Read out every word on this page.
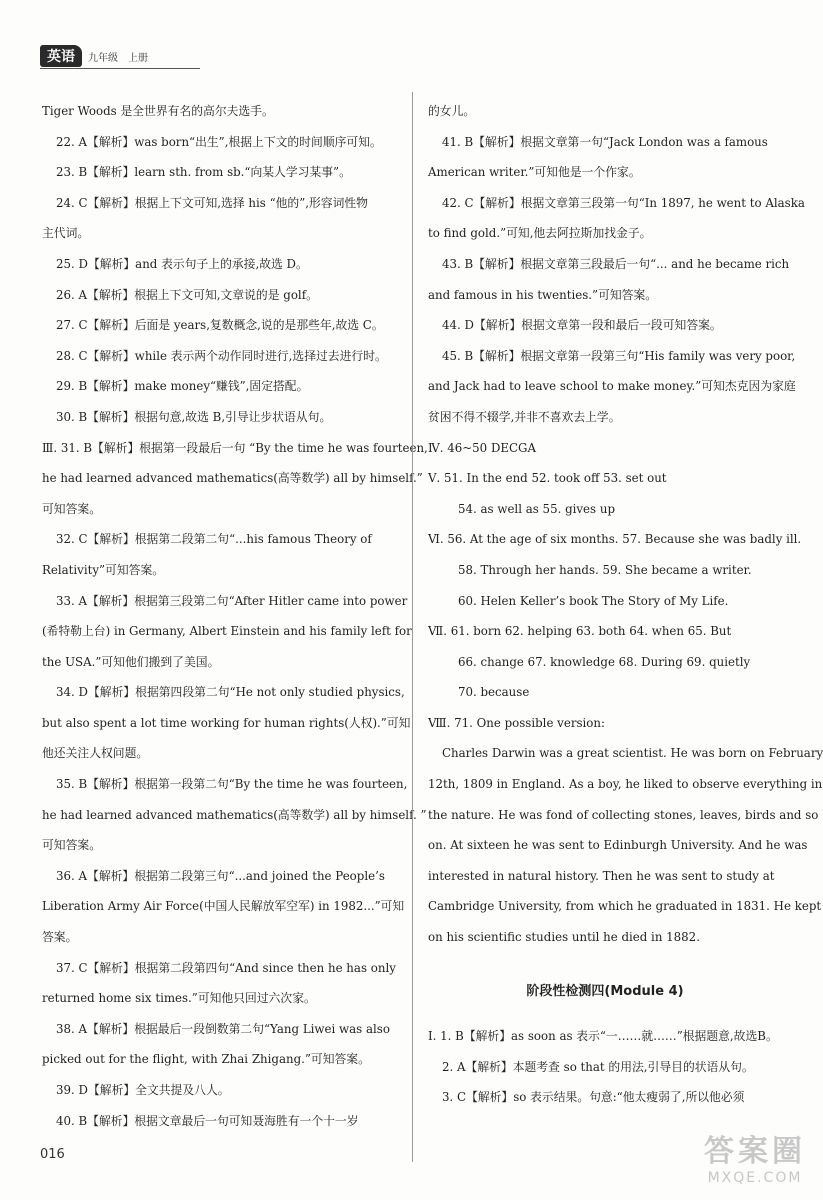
英语	九年级 上册
Tiger Woods 是全世界有名的高尔夫选手。
22. A【解析】was born“出生”,根据上下文的时间顺序可知。
23. B【解析】learn sth. from sb.“向某人学习某事”。
24. C【解析】根据上下文可知,选择 his “他的”,形容词性物
主代词。
25. D【解析】and 表示句子上的承接,故选 D。
26. A【解析】根据上下文可知,文章说的是 golf。
27. C【解析】后面是 years,复数概念,说的是那些年,故选 C。
28. C【解析】while 表示两个动作同时进行,选择过去进行时。
29. B【解析】make money“赚钱”,固定搭配。
30. B【解析】根据句意,故选 B,引导让步状语从句。
Ⅲ. 31. B【解析】根据第一段最后一句 “By the time he was fourteen,
he had learned advanced mathematics(高等数学) all by himself.”
可知答案。
32. C【解析】根据第二段第二句“...his famous Theory of
Relativity”可知答案。
33. A【解析】根据第三段第二句“After Hitler came into power
(希特勒上台) in Germany, Albert Einstein and his family left for
the USA.”可知他们搬到了美国。
34. D【解析】根据第四段第二句“He not only studied physics,
but also spent a lot time working for human rights(人权).”可知
他还关注人权问题。
35. B【解析】根据第一段第二句“By the time he was fourteen,
he had learned advanced mathematics(高等数学) all by himself. ”
可知答案。
36. A【解析】根据第二段第三句“...and joined the People’s
Liberation Army Air Force(中国人民解放军空军) in 1982...”可知
答案。
37. C【解析】根据第二段第四句“And since then he has only
returned home six times.”可知他只回过六次家。
38. A【解析】根据最后一段倒数第二句“Yang Liwei was also
picked out for the flight, with Zhai Zhigang.”可知答案。
39. D【解析】全文共提及八人。
40. B【解析】根据文章最后一句可知聂海胜有一个十一岁
的女儿。
41. B【解析】根据文章第一句“Jack London was a famous
American writer.”可知他是一个作家。
42. C【解析】根据文章第三段第一句“In 1897, he went to Alaska
to find gold.”可知,他去阿拉斯加找金子。
43. B【解析】根据文章第三段最后一句“... and he became rich
and famous in his twenties.”可知答案。
44. D【解析】根据文章第一段和最后一段可知答案。
45. B【解析】根据文章第一段第三句“His family was very poor,
and Jack had to leave school to make money.”可知杰克因为家庭
贫困不得不辍学,并非不喜欢去上学。
Ⅳ. 46~50 DECGA
Ⅴ. 51. In the end 52. took off 53. set out
54. as well as 55. gives up
Ⅵ. 56. At the age of six months. 57. Because she was badly ill.
58. Through her hands. 59. She became a writer.
60. Helen Keller’s book The Story of My Life.
Ⅶ. 61. born 62. helping 63. both 64. when 65. But
66. change 67. knowledge 68. During 69. quietly
70. because
Ⅷ. 71. One possible version:
Charles Darwin was a great scientist. He was born on February
12th, 1809 in England. As a boy, he liked to observe everything in
the nature. He was fond of collecting stones, leaves, birds and so
on. At sixteen he was sent to Edinburgh University. And he was
interested in natural history. Then he was sent to study at
Cambridge University, from which he graduated in 1831. He kept
on his scientific studies until he died in 1882.
阶段性检测四(Module 4)
Ⅰ. 1. B【解析】as soon as 表示“一……就……”根据题意,故选B。
2. A【解析】本题考查 so that 的用法,引导目的状语从句。
3. C【解析】so 表示结果。句意:“他太瘦弱了,所以他必须
016	答案圈
MXQE.COM
